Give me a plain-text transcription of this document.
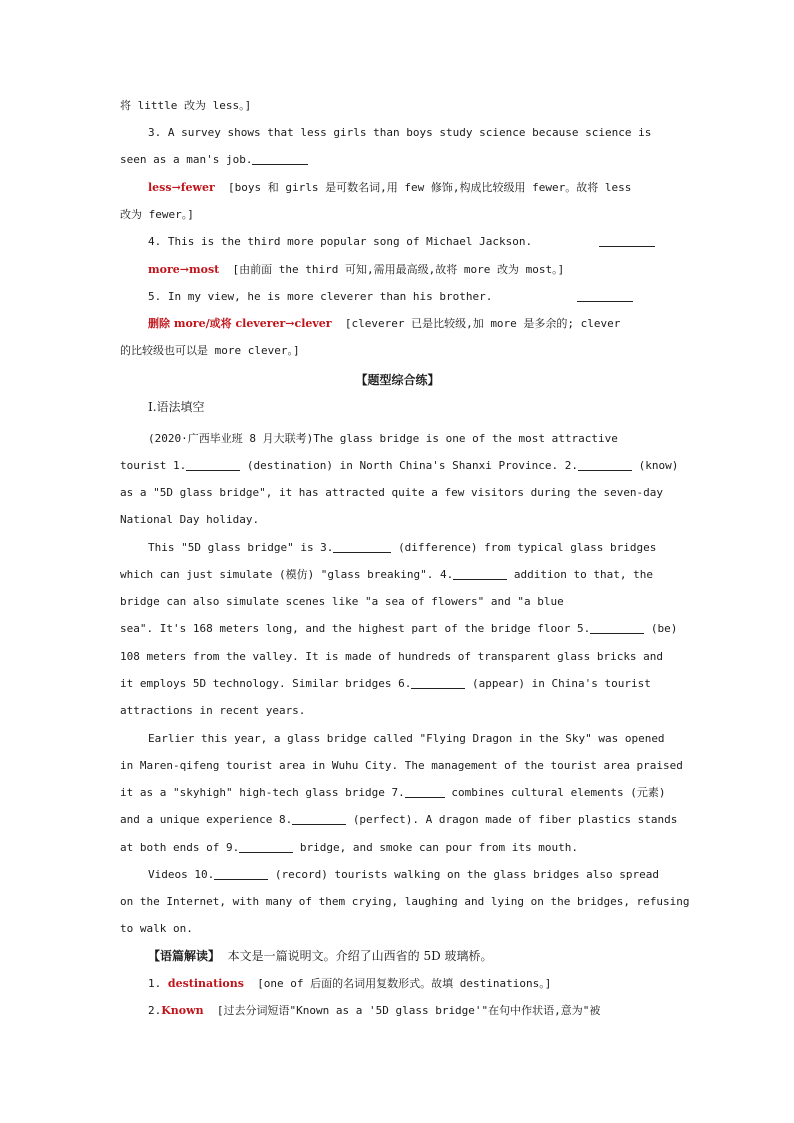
将 little 改为 less。]
3. A survey shows that less girls than boys study science because science is
seen as a man's job.
less→fewer [boys 和 girls 是可数名词,用 few 修饰,构成比较级用 fewer。故将 less
改为 fewer。]
4. This is the third more popular song of Michael Jackson.
more→most [由前面 the third 可知,需用最高级,故将 more 改为 most。]
5. In my view, he is more cleverer than his brother.
删除 more/或将 cleverer→clever [cleverer 已是比较级,加 more 是多余的; clever
的比较级也可以是 more clever。]
【题型综合练】
Ⅰ.语法填空
(2020·广西毕业班 8 月大联考)The glass bridge is one of the most attractive
tourist 1.	(destination) in North China's Shanxi Province. 2.	(know)
as a "5D glass bridge", it has attracted quite a few visitors during the seven-day
National Day holiday.
This "5D glass bridge" is 3.	(difference) from typical glass bridges
which can just simulate (模仿) "glass breaking". 4.	addition to that, the
bridge can also simulate scenes like "a sea of flowers" and "a blue
sea". It's 168 meters long, and the highest part of the bridge floor 5.	(be)
108 meters from the valley. It is made of hundreds of transparent glass bricks and
it employs 5D technology. Similar bridges 6.	(appear) in China's tourist
attractions in recent years.
Earlier this year, a glass bridge called "Flying Dragon in the Sky" was opened
in Maren-qifeng tourist area in Wuhu City. The management of the tourist area praised
it as a "skyhigh" high-tech glass bridge 7.	combines cultural elements (元素)
and a unique experience 8.	(perfect). A dragon made of fiber plastics stands
at both ends of 9.	bridge, and smoke can pour from its mouth.
Videos 10.	(record) tourists walking on the glass bridges also spread
on the Internet, with many of them crying, laughing and lying on the bridges, refusing
to walk on.
【语篇解读】 本文是一篇说明文。介绍了山西省的 5D 玻璃桥。
1. destinations [one of 后面的名词用复数形式。故填 destinations。]
2.Known [过去分词短语"Known as a '5D glass bridge'"在句中作状语,意为"被
